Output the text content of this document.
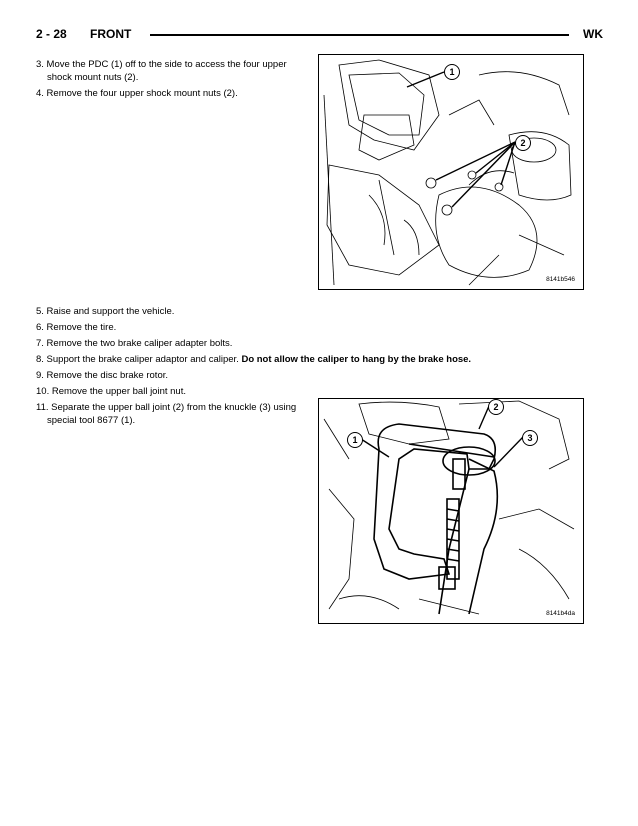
2 - 28 FRONT	WK
3. Move the PDC (1) off to the side to access the four upper shock mount nuts (2).
4. Remove the four upper shock mount nuts (2).
1
2
8141b546
5. Raise and support the vehicle.
6. Remove the tire.
7. Remove the two brake caliper adapter bolts.
8. Support the brake caliper adaptor and caliper. Do not allow the caliper to hang by the brake hose.
9. Remove the disc brake rotor.
10. Remove the upper ball joint nut.
11. Separate the upper ball joint (2) from the knuckle (3) using special tool 8677 (1).
1
2
3
8141b4da
